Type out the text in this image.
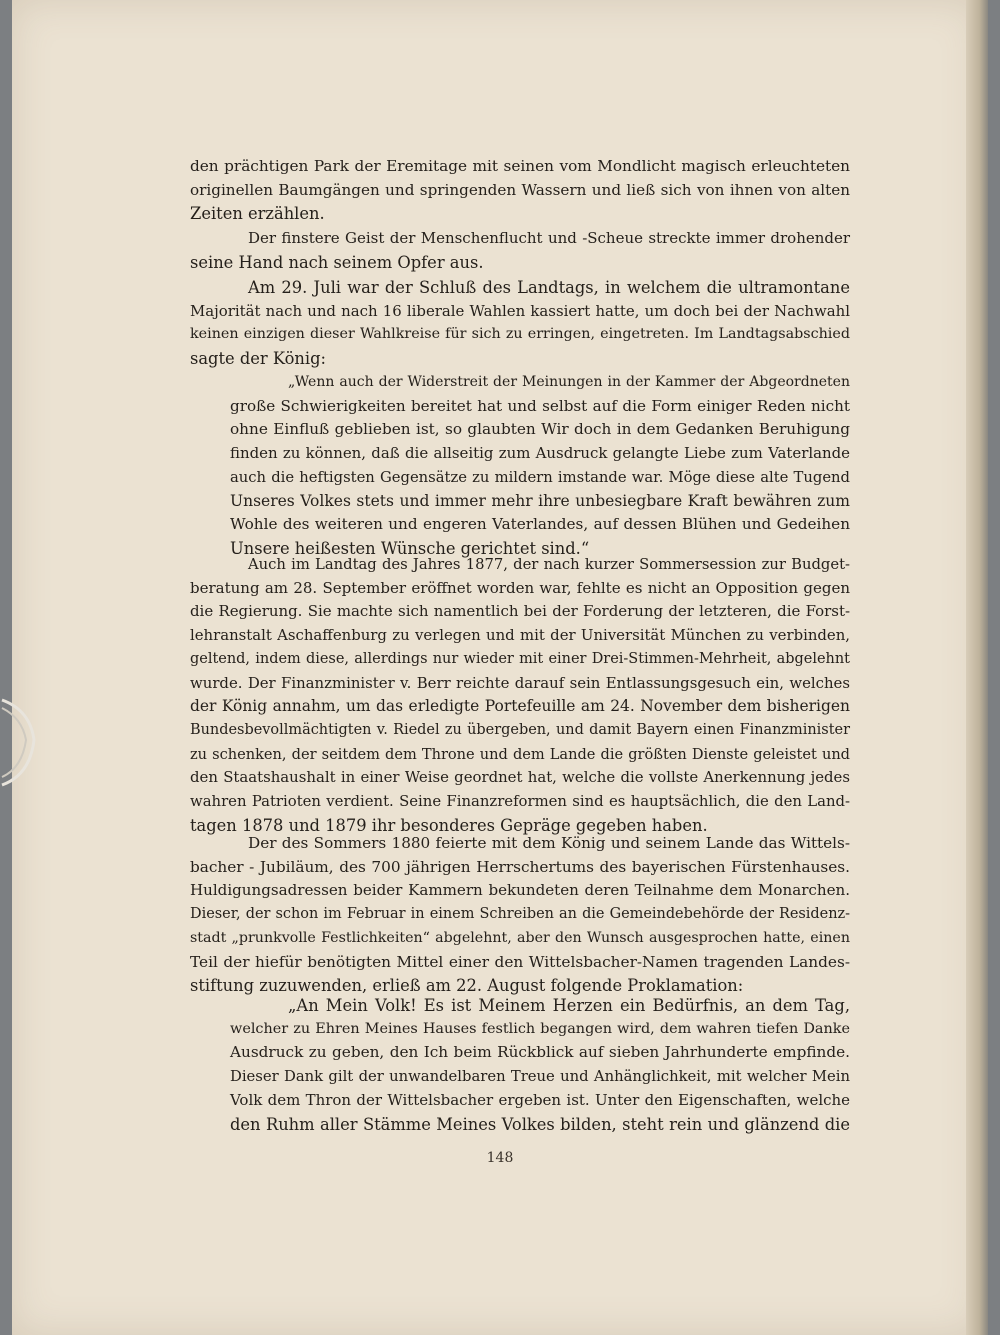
den prächtigen Park der Eremitage mit seinen vom Mondlicht magisch erleuchteten
originellen Baumgängen und springenden Wassern und ließ sich von ihnen von alten
Zeiten erzählen.
Der finstere Geist der Menschenflucht und -Scheue streckte immer drohender
seine Hand nach seinem Opfer aus.
Am 29. Juli war der Schluß des Landtags, in welchem die ultramontane
Majorität nach und nach 16 liberale Wahlen kassiert hatte, um doch bei der Nachwahl
keinen einzigen dieser Wahlkreise für sich zu erringen, eingetreten. Im Landtagsabschied
sagte der König:
„Wenn auch der Widerstreit der Meinungen in der Kammer der Abgeordneten
große Schwierigkeiten bereitet hat und selbst auf die Form einiger Reden nicht
ohne Einfluß geblieben ist, so glaubten Wir doch in dem Gedanken Beruhigung
finden zu können, daß die allseitig zum Ausdruck gelangte Liebe zum Vaterlande
auch die heftigsten Gegensätze zu mildern imstande war. Möge diese alte Tugend
Unseres Volkes stets und immer mehr ihre unbesiegbare Kraft bewähren zum
Wohle des weiteren und engeren Vaterlandes, auf dessen Blühen und Gedeihen
Unsere heißesten Wünsche gerichtet sind.“
Auch im Landtag des Jahres 1877, der nach kurzer Sommersession zur Budget-
beratung am 28. September eröffnet worden war, fehlte es nicht an Opposition gegen
die Regierung. Sie machte sich namentlich bei der Forderung der letzteren, die Forst-
lehranstalt Aschaffenburg zu verlegen und mit der Universität München zu verbinden,
geltend, indem diese, allerdings nur wieder mit einer Drei-Stimmen-Mehrheit, abgelehnt
wurde. Der Finanzminister v. Berr reichte darauf sein Entlassungsgesuch ein, welches
der König annahm, um das erledigte Portefeuille am 24. November dem bisherigen
Bundesbevollmächtigten v. Riedel zu übergeben, und damit Bayern einen Finanzminister
zu schenken, der seitdem dem Throne und dem Lande die größten Dienste geleistet und
den Staatshaushalt in einer Weise geordnet hat, welche die vollste Anerkennung jedes
wahren Patrioten verdient. Seine Finanzreformen sind es hauptsächlich, die den Land-
tagen 1878 und 1879 ihr besonderes Gepräge gegeben haben.
Der des Sommers 1880 feierte mit dem König und seinem Lande das Wittels-
bacher - Jubiläum, des 700 jährigen Herrschertums des bayerischen Fürstenhauses.
Huldigungsadressen beider Kammern bekundeten deren Teilnahme dem Monarchen.
Dieser, der schon im Februar in einem Schreiben an die Gemeindebehörde der Residenz-
stadt „prunkvolle Festlichkeiten“ abgelehnt, aber den Wunsch ausgesprochen hatte, einen
Teil der hiefür benötigten Mittel einer den Wittelsbacher-Namen tragenden Landes-
stiftung zuzuwenden, erließ am 22. August folgende Proklamation:
„An Mein Volk! Es ist Meinem Herzen ein Bedürfnis, an dem Tag,
welcher zu Ehren Meines Hauses festlich begangen wird, dem wahren tiefen Danke
Ausdruck zu geben, den Ich beim Rückblick auf sieben Jahrhunderte empfinde.
Dieser Dank gilt der unwandelbaren Treue und Anhänglichkeit, mit welcher Mein
Volk dem Thron der Wittelsbacher ergeben ist. Unter den Eigenschaften, welche
den Ruhm aller Stämme Meines Volkes bilden, steht rein und glänzend die
148
